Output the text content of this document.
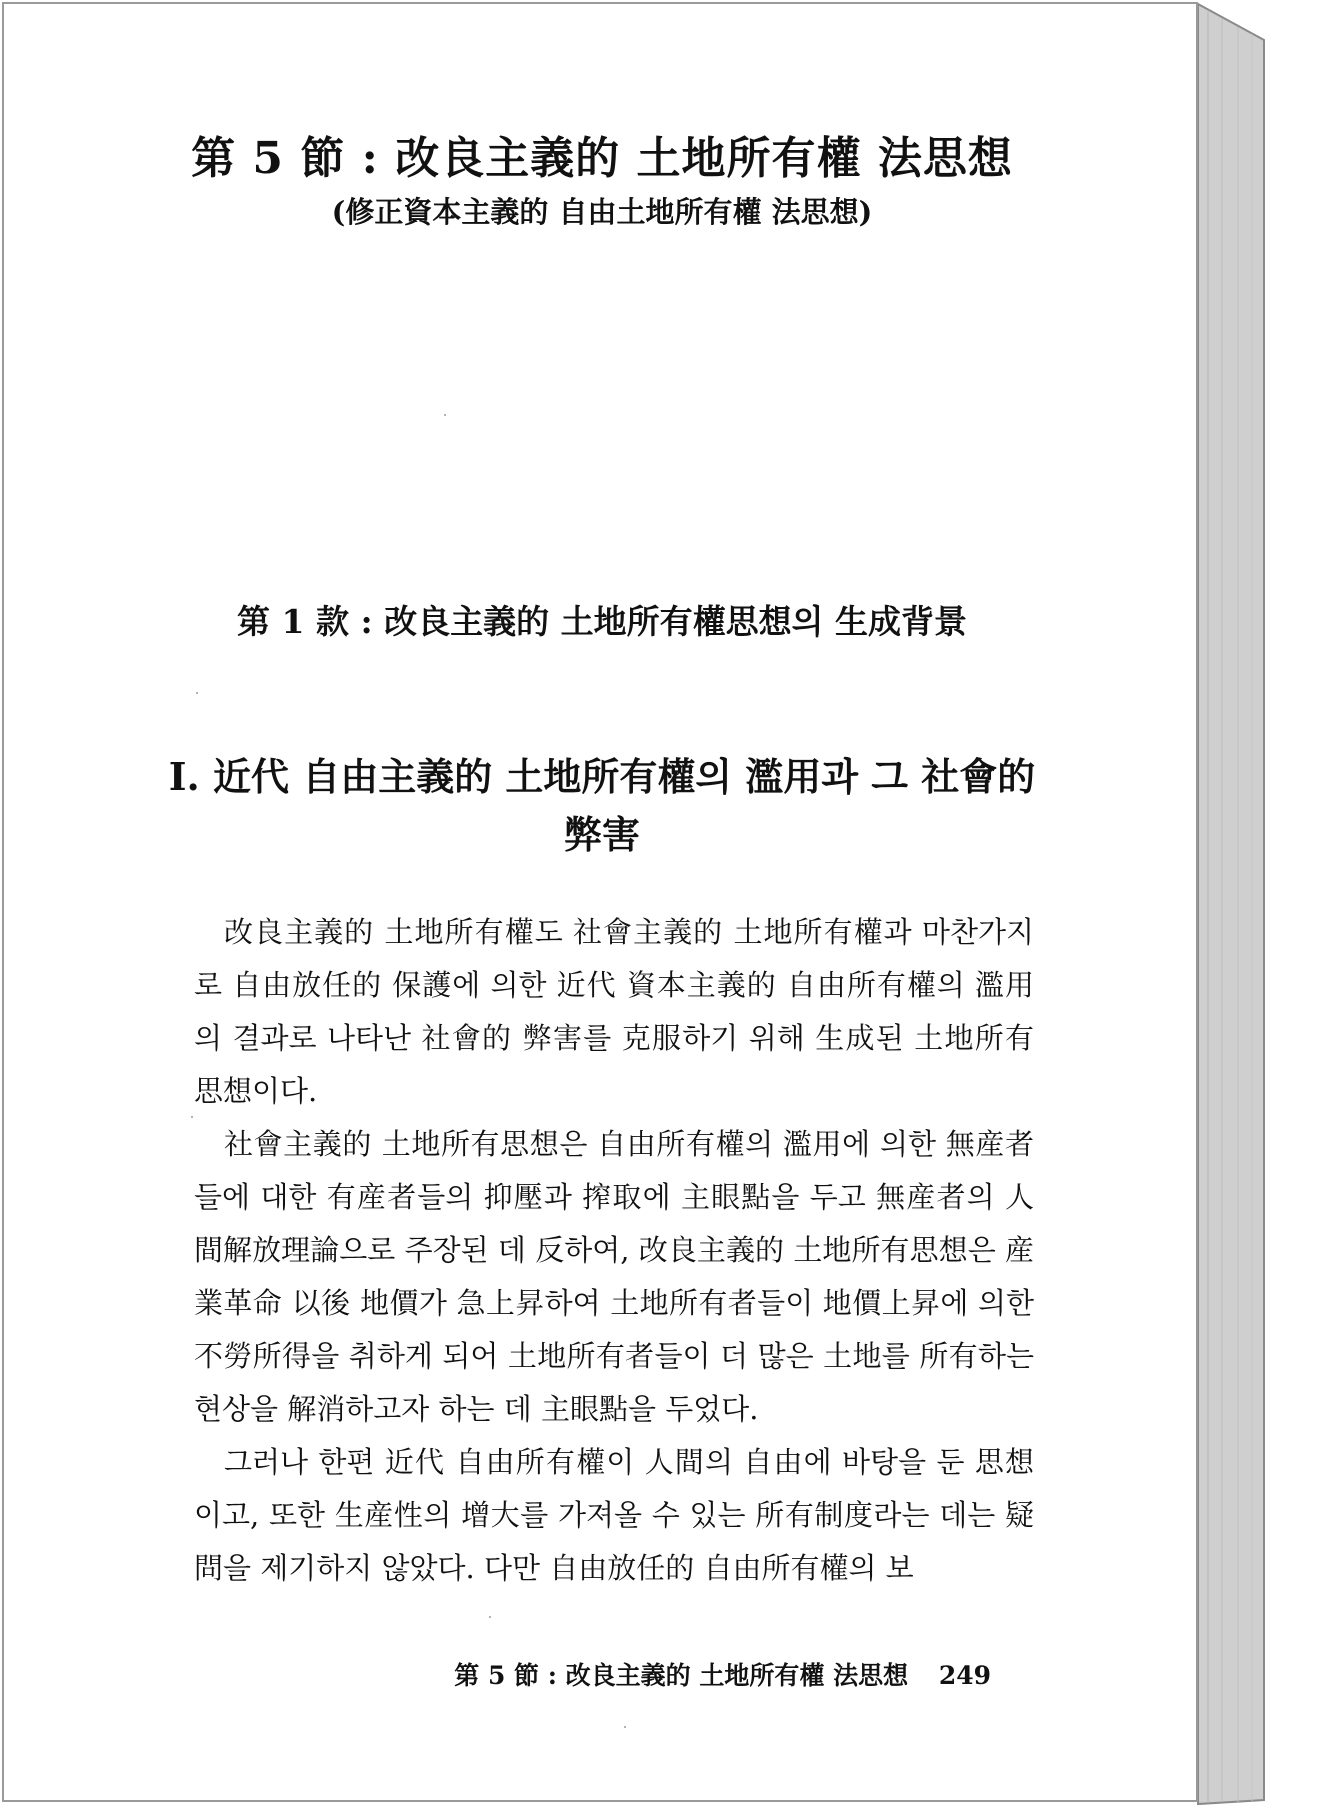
第 5 節 : 改良主義的 土地所有權 法思想
(修正資本主義的 自由土地所有權 法思想)
第 1 款 : 改良主義的 土地所有權思想의 生成背景
Ⅰ. 近代 自由主義的 土地所有權의 濫用과 그 社會的
弊害

改良主義的 土地所有權도 社會主義的 土地所有權과 마찬가지로 自由放任的 保護에 의한 近代 資本主義的 自由所有權의 濫用의 결과로 나타난 社會的 弊害를 克服하기 위해 生成된 土地所有思想이다.

社會主義的 土地所有思想은 自由所有權의 濫用에 의한 無産者들에 대한 有産者들의 抑壓과 搾取에 主眼點을 두고 無産者의 人間解放理論으로 주장된 데 反하여, 改良主義的 土地所有思想은 産業革命 以後 地價가 急上昇하여 土地所有者들이 地價上昇에 의한 不勞所得을 취하게 되어 土地所有者들이 더 많은 土地를 所有하는 현상을 解消하고자 하는 데 主眼點을 두었다.

그러나 한편 近代 自由所有權이 人間의 自由에 바탕을 둔 思想이고, 또한 生産性의 增大를 가져올 수 있는 所有制度라는 데는 疑問을 제기하지 않았다. 다만 自由放任的 自由所有權의 보

第 5 節 : 改良主義的 土地所有權 法思想 249
